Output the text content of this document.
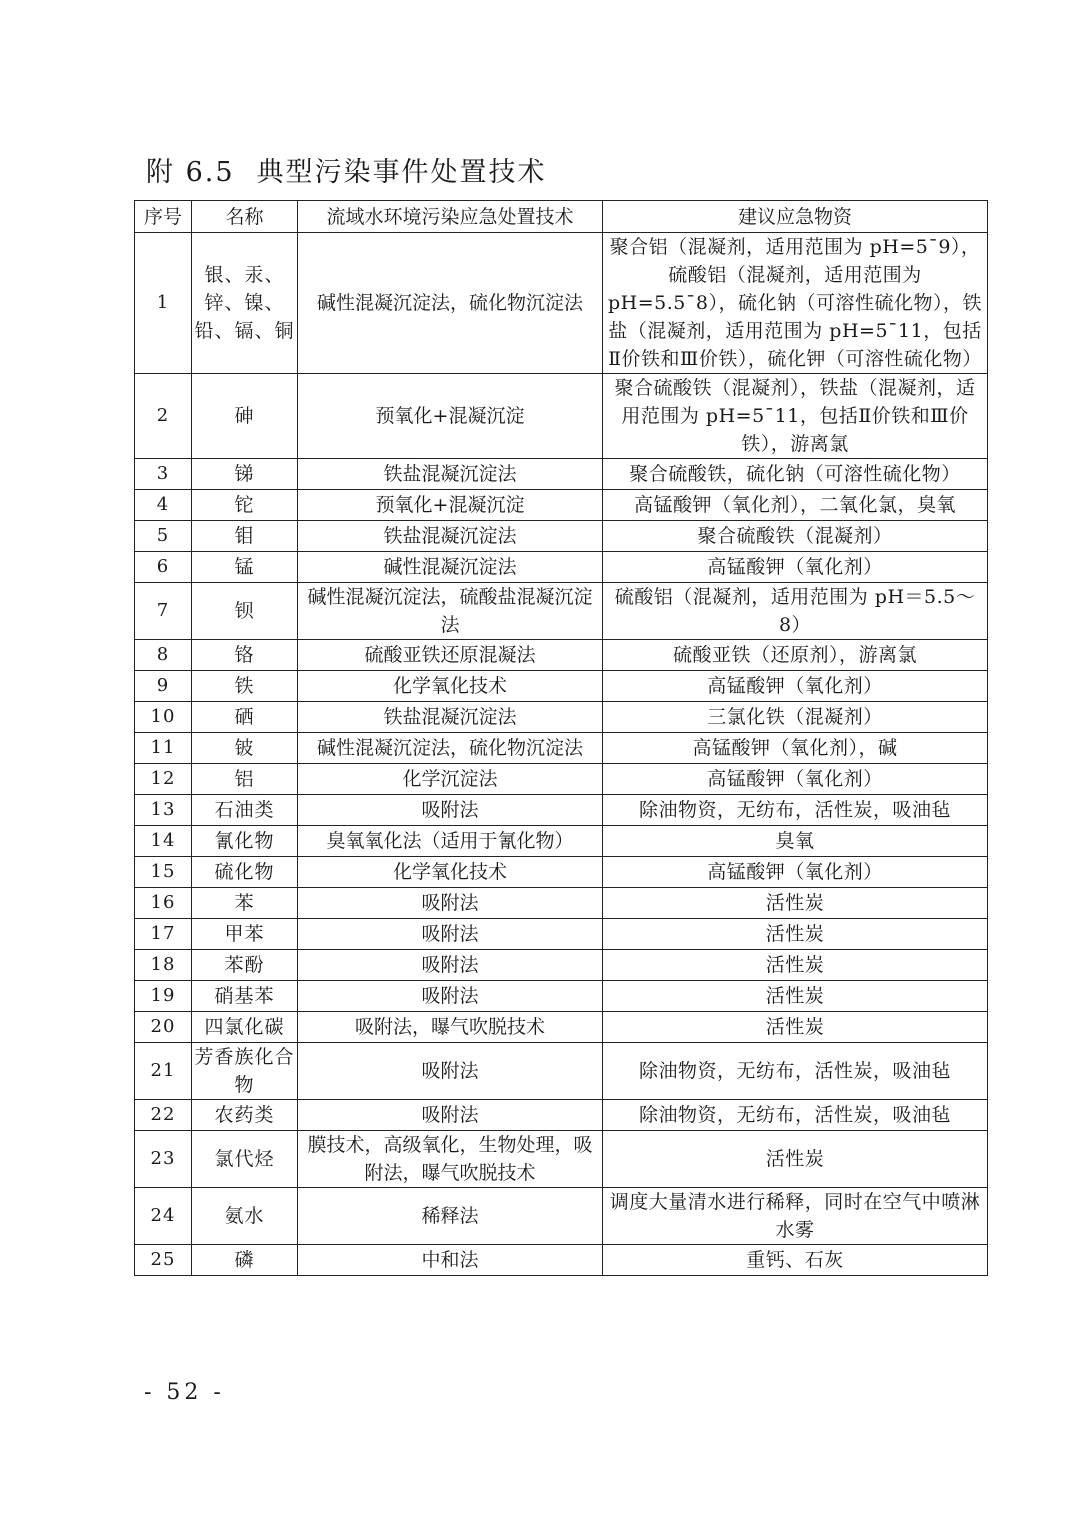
附 6.5 典型污染事件处置技术
序号	名称	流域水环境污染应急处置技术	建议应急物资
1	银、汞、锌、镍、铅、镉、铜	碱性混凝沉淀法，硫化物沉淀法	聚合铝（混凝剂，适用范围为 pH=5¯9），硫酸铝（混凝剂，适用范围为 pH=5.5¯8），硫化钠（可溶性硫化物），铁盐（混凝剂，适用范围为 pH=5¯11，包括Ⅱ价铁和Ⅲ价铁），硫化钾（可溶性硫化物）
2	砷	预氧化+混凝沉淀	聚合硫酸铁（混凝剂），铁盐（混凝剂，适用范围为 pH=5¯11，包括Ⅱ价铁和Ⅲ价铁），游离氯
3	锑	铁盐混凝沉淀法	聚合硫酸铁，硫化钠（可溶性硫化物）
4	铊	预氧化+混凝沉淀	高锰酸钾（氧化剂），二氧化氯，臭氧
5	钼	铁盐混凝沉淀法	聚合硫酸铁（混凝剂）
6	锰	碱性混凝沉淀法	高锰酸钾（氧化剂）
7	钡	碱性混凝沉淀法，硫酸盐混凝沉淀法	硫酸铝（混凝剂，适用范围为 pH＝5.5～8）
8	铬	硫酸亚铁还原混凝法	硫酸亚铁（还原剂），游离氯
9	铁	化学氧化技术	高锰酸钾（氧化剂）
10	硒	铁盐混凝沉淀法	三氯化铁（混凝剂）
11	铍	碱性混凝沉淀法，硫化物沉淀法	高锰酸钾（氧化剂），碱
12	铝	化学沉淀法	高锰酸钾（氧化剂）
13	石油类	吸附法	除油物资，无纺布，活性炭，吸油毡
14	氰化物	臭氧氧化法（适用于氰化物）	臭氧
15	硫化物	化学氧化技术	高锰酸钾（氧化剂）
16	苯	吸附法	活性炭
17	甲苯	吸附法	活性炭
18	苯酚	吸附法	活性炭
19	硝基苯	吸附法	活性炭
20	四氯化碳	吸附法，曝气吹脱技术	活性炭
21	芳香族化合物	吸附法	除油物资，无纺布，活性炭，吸油毡
22	农药类	吸附法	除油物资，无纺布，活性炭，吸油毡
23	氯代烃	膜技术，高级氧化，生物处理，吸附法，曝气吹脱技术	活性炭
24	氨水	稀释法	调度大量清水进行稀释，同时在空气中喷淋水雾
25	磷	中和法	重钙、石灰
- 52 -
